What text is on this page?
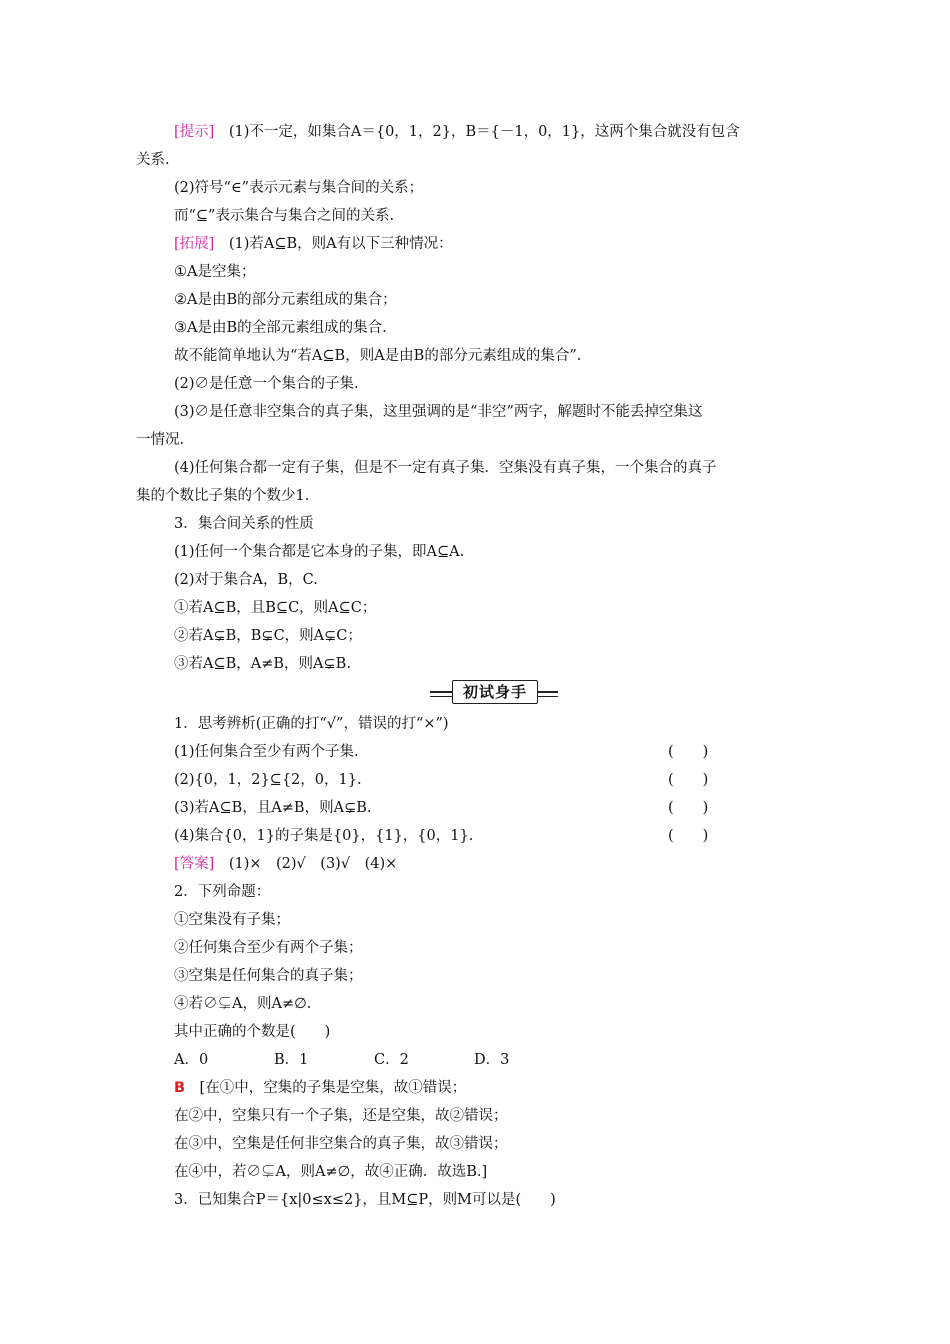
[提示]　(1)不一定，如集合A＝{0，1，2}，B＝{－1，0，1}，这两个集合就没有包含
关系.
(2)符号“∈”表示元素与集合间的关系；
而“⊆”表示集合与集合之间的关系.
[拓展]　(1)若A⊆B，则A有以下三种情况：
①A是空集；
②A是由B的部分元素组成的集合；
③A是由B的全部元素组成的集合.
故不能简单地认为“若A⊆B，则A是由B的部分元素组成的集合”.
(2)∅是任意一个集合的子集.
(3)∅是任意非空集合的真子集，这里强调的是“非空”两字，解题时不能丢掉空集这
一情况.
(4)任何集合都一定有子集，但是不一定有真子集．空集没有真子集，一个集合的真子
集的个数比子集的个数少1.
3．集合间关系的性质
(1)任何一个集合都是它本身的子集，即A⊆A.
(2)对于集合A，B，C.
①若A⊆B，且B⊆C，则A⊆C；
②若A⊊B，B⊊C，则A⊊C；
③若A⊆B，A≠B，则A⊊B.
初试身手
1．思考辨析(正确的打“√”，错误的打“×”)
(1)任何集合至少有两个子集.	(　　)
(2){0，1，2}⊆{2，0，1}.	(　　)
(3)若A⊆B，且A≠B，则A⊊B.	(　　)
(4)集合{0，1}的子集是{0}，{1}，{0，1}.	(　　)
[答案]　(1)×　(2)√　(3)√　(4)×
2．下列命题：
①空集没有子集；
②任何集合至少有两个子集；
③空集是任何集合的真子集；
④若∅⊊A，则A≠∅.
其中正确的个数是(　　)
A．0	B．1	C．2	D．3
B　[在①中，空集的子集是空集，故①错误；
在②中，空集只有一个子集，还是空集，故②错误；
在③中，空集是任何非空集合的真子集，故③错误；
在④中，若∅⊊A，则A≠∅，故④正确．故选B.]
3．已知集合P＝{x|0≤x≤2}，且M⊆P，则M可以是(　　)
